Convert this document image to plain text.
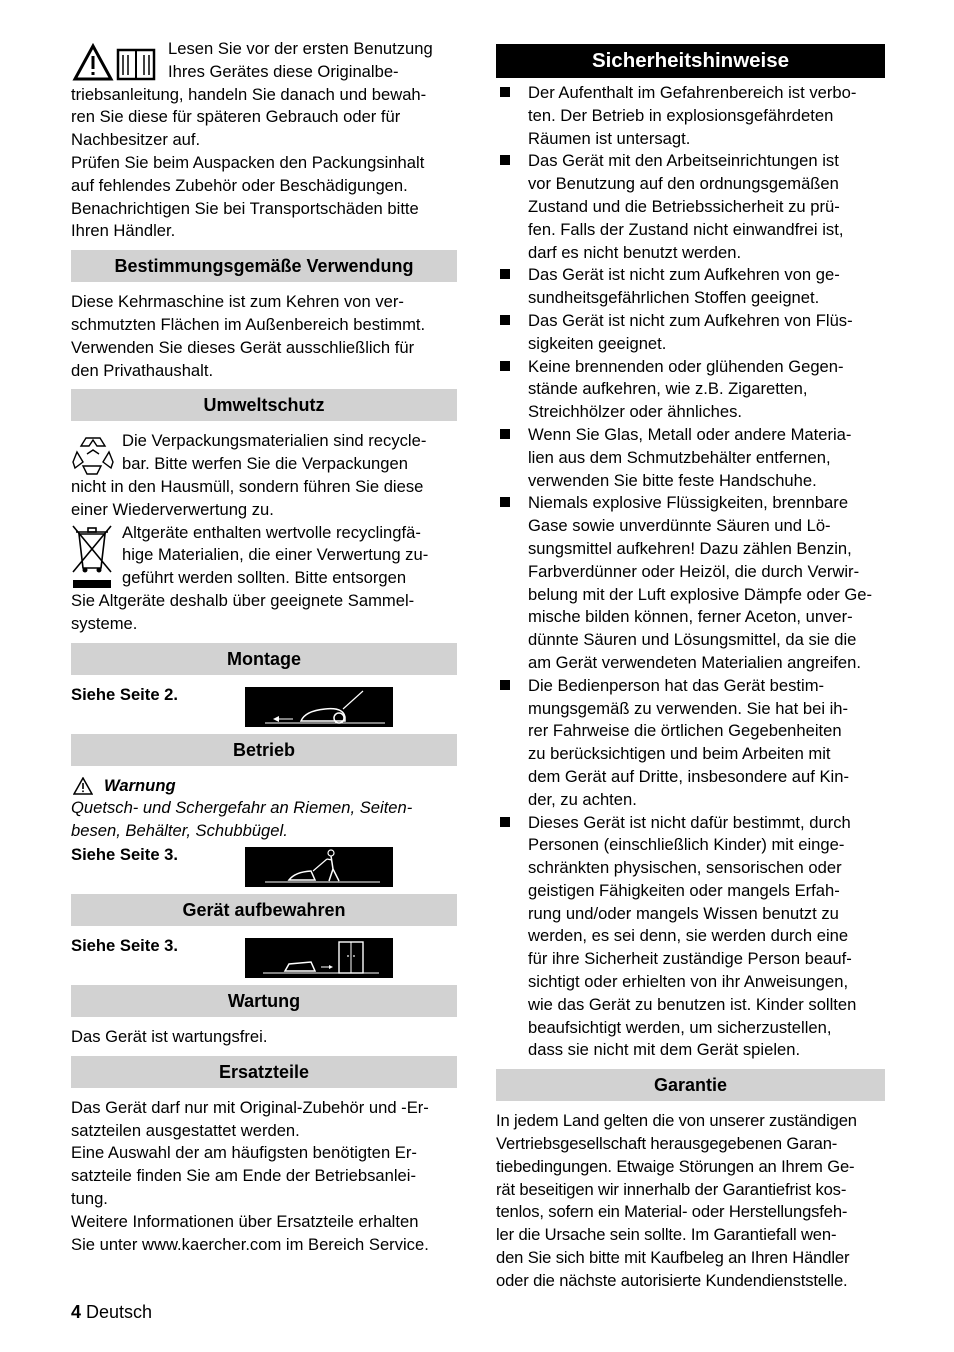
Lesen Sie vor der ersten Benutzung

Ihres Gerätes diese Originalbe-

triebsanleitung, handeln Sie danach und bewah-

ren Sie diese für späteren Gebrauch oder für

Nachbesitzer auf.

Prüfen Sie beim Auspacken den Packungsinhalt

auf fehlendes Zubehör oder Beschädigungen.

Benachrichtigen Sie bei Transportschäden bitte

Ihren Händler.

Bestimmungsgemäße Verwendung

Diese Kehrmaschine ist zum Kehren von ver-

schmutzten Flächen im Außenbereich bestimmt.

Verwenden Sie dieses Gerät ausschließlich für

den Privathaushalt.

Umweltschutz

Die Verpackungsmaterialien sind recycle-

bar. Bitte werfen Sie die Verpackungen

nicht in den Hausmüll, sondern führen Sie diese

einer Wiederverwertung zu.

Altgeräte enthalten wertvolle recyclingfä-

hige Materialien, die einer Verwertung zu-

geführt werden sollten. Bitte entsorgen

Sie Altgeräte deshalb über geeignete Sammel-

systeme.

Montage
Siehe Seite 2.
Betrieb
Warnung

Quetsch- und Schergefahr an Riemen, Seiten-

besen, Behälter, Schubbügel.

Siehe Seite 3.
Gerät aufbewahren
Siehe Seite 3.
Wartung

Das Gerät ist wartungsfrei.

Ersatzteile

Das Gerät darf nur mit Original-Zubehör und -Er-

satzteilen ausgestattet werden.

Eine Auswahl der am häufigsten benötigten Er-

satzteile finden Sie am Ende der Betriebsanlei-

tung.

Weitere Informationen über Ersatzteile erhalten

Sie unter www.kaercher.com im Bereich Service.

Sicherheitshinweise
Der Aufenthalt im Gefahrenbereich ist verbo-
ten. Der Betrieb in explosionsgefährdeten
Räumen ist untersagt.
Das Gerät mit den Arbeitseinrichtungen ist
vor Benutzung auf den ordnungsgemäßen
Zustand und die Betriebssicherheit zu prü-
fen. Falls der Zustand nicht einwandfrei ist,
darf es nicht benutzt werden.
Das Gerät ist nicht zum Aufkehren von ge-
sundheitsgefährlichen Stoffen geeignet.
Das Gerät ist nicht zum Aufkehren von Flüs-
sigkeiten geeignet.
Keine brennenden oder glühenden Gegen-
stände aufkehren, wie z.B. Zigaretten,
Streichhölzer oder ähnliches.
Wenn Sie Glas, Metall oder andere Materia-
lien aus dem Schmutzbehälter entfernen,
verwenden Sie bitte feste Handschuhe.
Niemals explosive Flüssigkeiten, brennbare
Gase sowie unverdünnte Säuren und Lö-
sungsmittel aufkehren! Dazu zählen Benzin,
Farbverdünner oder Heizöl, die durch Verwir-
belung mit der Luft explosive Dämpfe oder Ge-
mische bilden können, ferner Aceton, unver-
dünnte Säuren und Lösungsmittel, da sie die
am Gerät verwendeten Materialien angreifen.
Die Bedienperson hat das Gerät bestim-
mungsgemäß zu verwenden. Sie hat bei ih-
rer Fahrweise die örtlichen Gegebenheiten
zu berücksichtigen und beim Arbeiten mit
dem Gerät auf Dritte, insbesondere auf Kin-
der, zu achten.
Dieses Gerät ist nicht dafür bestimmt, durch
Personen (einschließlich Kinder) mit einge-
schränkten physischen, sensorischen oder
geistigen Fähigkeiten oder mangels Erfah-
rung und/oder mangels Wissen benutzt zu
werden, es sei denn, sie werden durch eine
für ihre Sicherheit zuständige Person beauf-
sichtigt oder erhielten von ihr Anweisungen,
wie das Gerät zu benutzen ist. Kinder sollten
beaufsichtigt werden, um sicherzustellen,
dass sie nicht mit dem Gerät spielen.
Garantie

In jedem Land gelten die von unserer zuständigen

Vertriebsgesellschaft herausgegebenen Garan-

tiebedingungen. Etwaige Störungen an Ihrem Ge-

rät beseitigen wir innerhalb der Garantiefrist kos-

tenlos, sofern ein Material- oder Herstellungsfeh-

ler die Ursache sein sollte. Im Garantiefall wen-

den Sie sich bitte mit Kaufbeleg an Ihren Händler

oder die nächste autorisierte Kundendienststelle.

4 Deutsch
